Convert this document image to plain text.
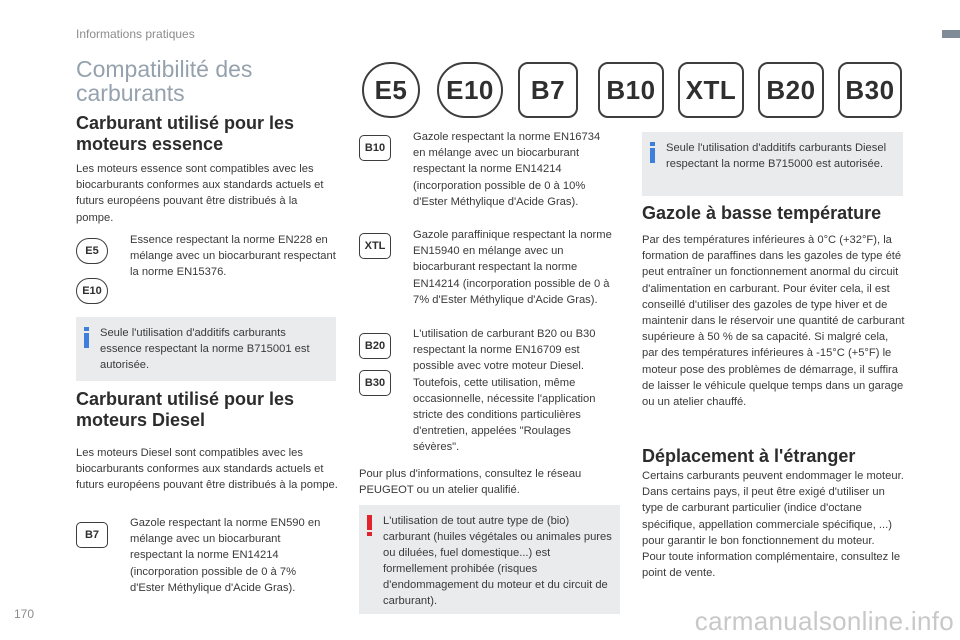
Informations pratiques
170	carmanualsonline.info
Compatibilité des carburants	E5	E10	B7	B10	XTL	B20	B30
Carburant utilisé pour les moteurs essence
Les moteurs essence sont compatibles avec les biocarburants conformes aux standards actuels et futurs européens pouvant être distribués à la pompe.
E5
E10
Essence respectant la norme EN228 en mélange avec un biocarburant respectant la norme EN15376.
Seule l'utilisation d'additifs carburants essence respectant la norme B715001 est autorisée.
Carburant utilisé pour les moteurs Diesel
Les moteurs Diesel sont compatibles avec les biocarburants conformes aux standards actuels et futurs européens pouvant être distribués à la pompe.
B7
Gazole respectant la norme EN590 en mélange avec un biocarburant respectant la norme EN14214 (incorporation possible de 0 à 7% d'Ester Méthylique d'Acide Gras).
B10
Gazole respectant la norme EN16734 en mélange avec un biocarburant respectant la norme EN14214 (incorporation possible de 0 à 10% d'Ester Méthylique d'Acide Gras).
XTL
Gazole paraffinique respectant la norme EN15940 en mélange avec un biocarburant respectant la norme EN14214 (incorporation possible de 0 à 7% d'Ester Méthylique d'Acide Gras).
B20
B30
L'utilisation de carburant B20 ou B30 respectant la norme EN16709 est possible avec votre moteur Diesel. Toutefois, cette utilisation, même occasionnelle, nécessite l'application stricte des conditions particulières d'entretien, appelées "Roulages sévères".
Pour plus d'informations, consultez le réseau PEUGEOT ou un atelier qualifié.
L'utilisation de tout autre type de (bio) carburant (huiles végétales ou animales pures ou diluées, fuel domestique...) est formellement prohibée (risques d'endommagement du moteur et du circuit de carburant).
Seule l'utilisation d'additifs carburants Diesel respectant la norme B715000 est autorisée.
Gazole à basse température
Par des températures inférieures à 0°C (+32°F), la formation de paraffines dans les gazoles de type été peut entraîner un fonctionnement anormal du circuit d'alimentation en carburant. Pour éviter cela, il est conseillé d'utiliser des gazoles de type hiver et de maintenir dans le réservoir une quantité de carburant supérieure à 50 % de sa capacité. Si malgré cela, par des températures inférieures à -15°C (+5°F) le moteur pose des problèmes de démarrage, il suffira de laisser le véhicule quelque temps dans un garage ou un atelier chauffé.
Déplacement à l'étranger
Certains carburants peuvent endommager le moteur.
Dans certains pays, il peut être exigé d'utiliser un type de carburant particulier (indice d'octane spécifique, appellation commerciale spécifique, ...) pour garantir le bon fonctionnement du moteur.
Pour toute information complémentaire, consultez le point de vente.
